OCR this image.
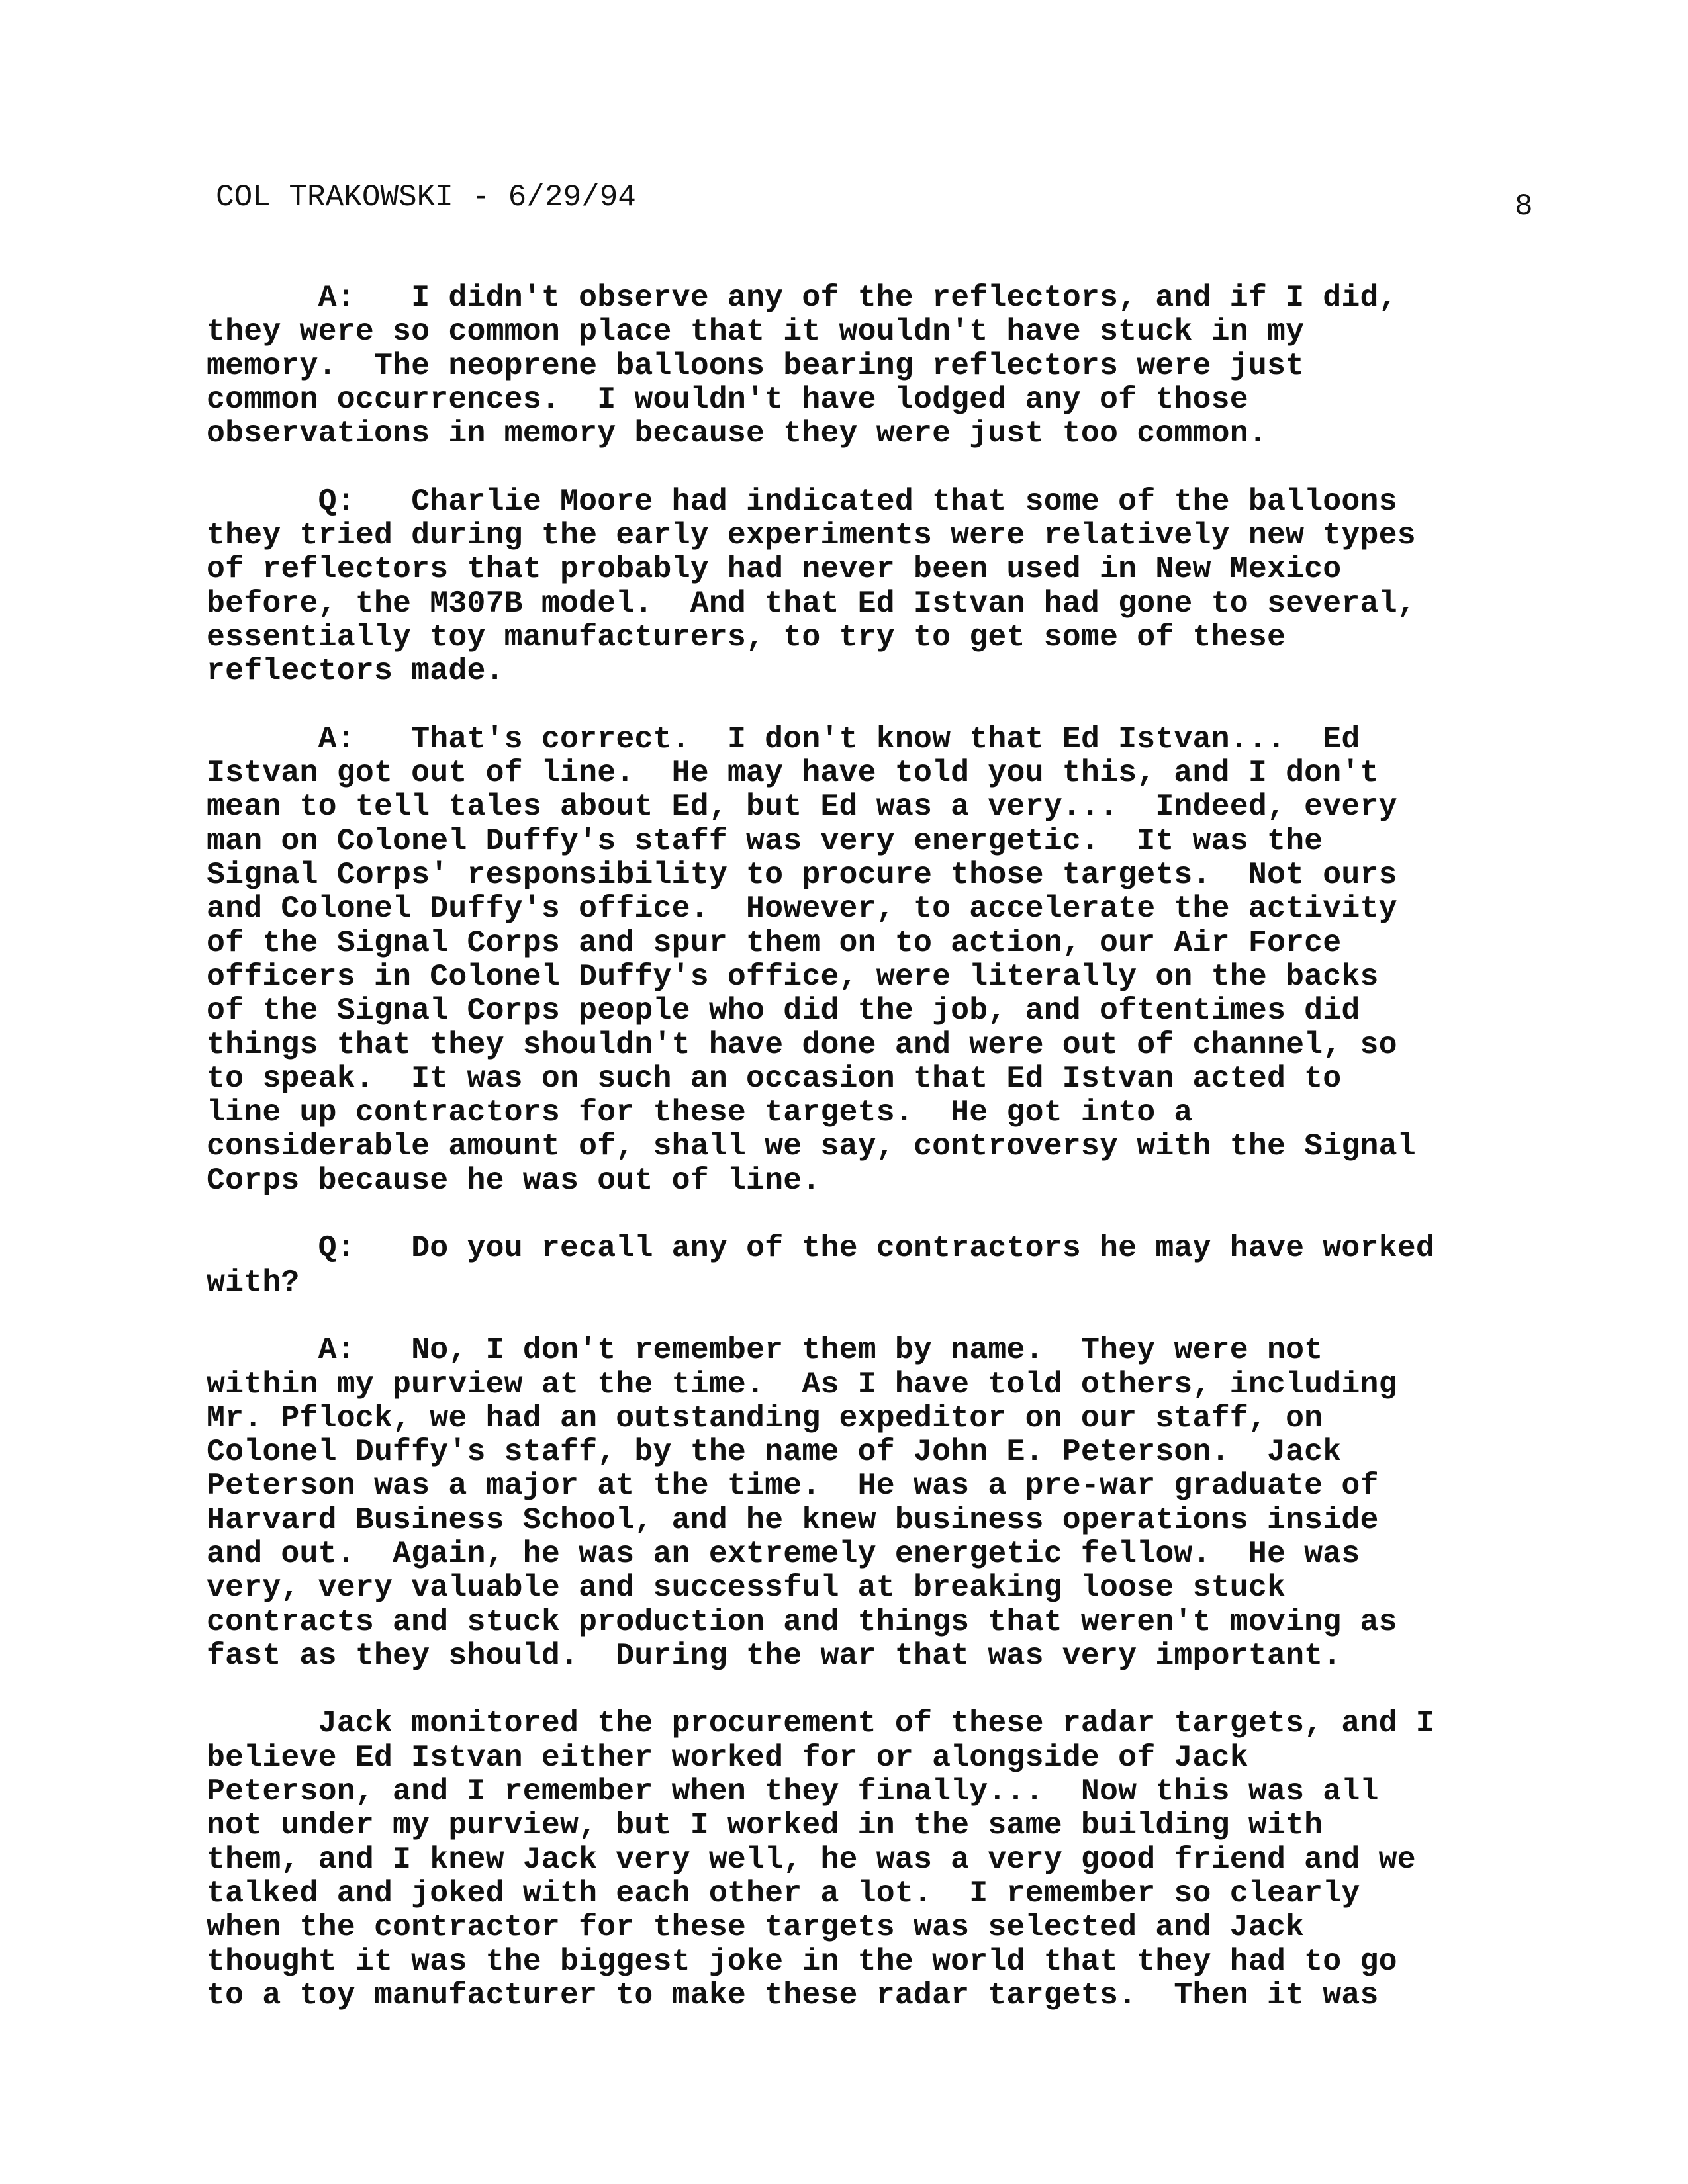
COL TRAKOWSKI - 6/29/94	8

A: I didn't observe any of the reflectors, and if I did,
they were so common place that it wouldn't have stuck in my
memory.  The neoprene balloons bearing reflectors were just
common occurrences.  I wouldn't have lodged any of those
observations in memory because they were just too common.

Q: Charlie Moore had indicated that some of the balloons
they tried during the early experiments were relatively new types
of reflectors that probably had never been used in New Mexico
before, the M307B model.  And that Ed Istvan had gone to several,
essentially toy manufacturers, to try to get some of these
reflectors made.

A: That's correct.  I don't know that Ed Istvan...  Ed
Istvan got out of line.  He may have told you this, and I don't
mean to tell tales about Ed, but Ed was a very...  Indeed, every
man on Colonel Duffy's staff was very energetic.  It was the
Signal Corps' responsibility to procure those targets.  Not ours
and Colonel Duffy's office.  However, to accelerate the activity
of the Signal Corps and spur them on to action, our Air Force
officers in Colonel Duffy's office, were literally on the backs
of the Signal Corps people who did the job, and oftentimes did
things that they shouldn't have done and were out of channel, so
to speak.  It was on such an occasion that Ed Istvan acted to
line up contractors for these targets.  He got into a
considerable amount of, shall we say, controversy with the Signal
Corps because he was out of line.

Q: Do you recall any of the contractors he may have worked
with?

A: No, I don't remember them by name.  They were not
within my purview at the time.  As I have told others, including
Mr. Pflock, we had an outstanding expeditor on our staff, on
Colonel Duffy's staff, by the name of John E. Peterson.  Jack
Peterson was a major at the time.  He was a pre-war graduate of
Harvard Business School, and he knew business operations inside
and out.  Again, he was an extremely energetic fellow.  He was
very, very valuable and successful at breaking loose stuck
contracts and stuck production and things that weren't moving as
fast as they should.  During the war that was very important.

Jack monitored the procurement of these radar targets, and I
believe Ed Istvan either worked for or alongside of Jack
Peterson, and I remember when they finally...  Now this was all
not under my purview, but I worked in the same building with
them, and I knew Jack very well, he was a very good friend and we
talked and joked with each other a lot.  I remember so clearly
when the contractor for these targets was selected and Jack
thought it was the biggest joke in the world that they had to go
to a toy manufacturer to make these radar targets.  Then it was
